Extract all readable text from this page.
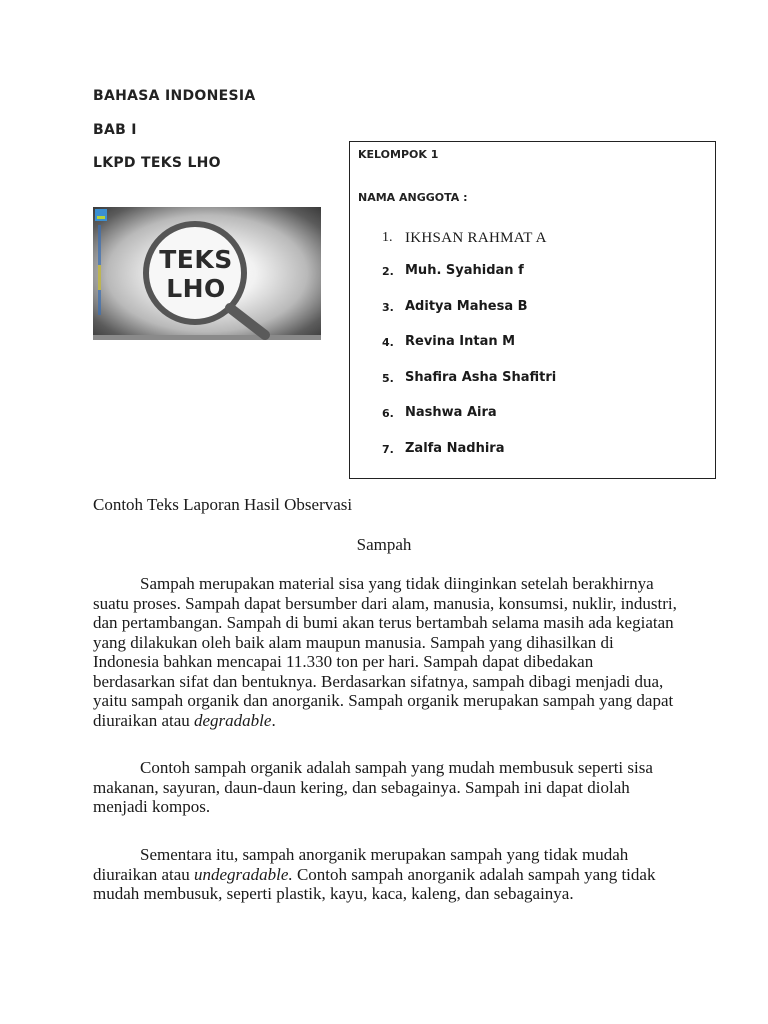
BAHASA INDONESIA
BAB I
LKPD TEKS LHO
TEKS
LHO
KELOMPOK 1
NAMA ANGGOTA :
1. IKHSAN RAHMAT A
2. Muh. Syahidan f
3. Aditya Mahesa B
4. Revina Intan M
5. Shafira Asha Shafitri
6. Nashwa Aira
7. Zalfa Nadhira
Contoh Teks Laporan Hasil Observasi
Sampah

Sampah merupakan material sisa yang tidak diinginkan setelah berakhirnya suatu proses. Sampah dapat bersumber dari alam, manusia, konsumsi, nuklir, industri, dan pertambangan. Sampah di bumi akan terus bertambah selama masih ada kegiatan yang dilakukan oleh baik alam maupun manusia. Sampah yang dihasilkan di Indonesia bahkan mencapai 11.330 ton per hari. Sampah dapat dibedakan berdasarkan sifat dan bentuknya. Berdasarkan sifatnya, sampah dibagi menjadi dua, yaitu sampah organik dan anorganik. Sampah organik merupakan sampah yang dapat diuraikan atau degradable.

Contoh sampah organik adalah sampah yang mudah membusuk seperti sisa makanan, sayuran, daun-daun kering, dan sebagainya. Sampah ini dapat diolah menjadi kompos.

Sementara itu, sampah anorganik merupakan sampah yang tidak mudah diuraikan atau undegradable. Contoh sampah anorganik adalah sampah yang tidak mudah membusuk, seperti plastik, kayu, kaca, kaleng, dan sebagainya.
